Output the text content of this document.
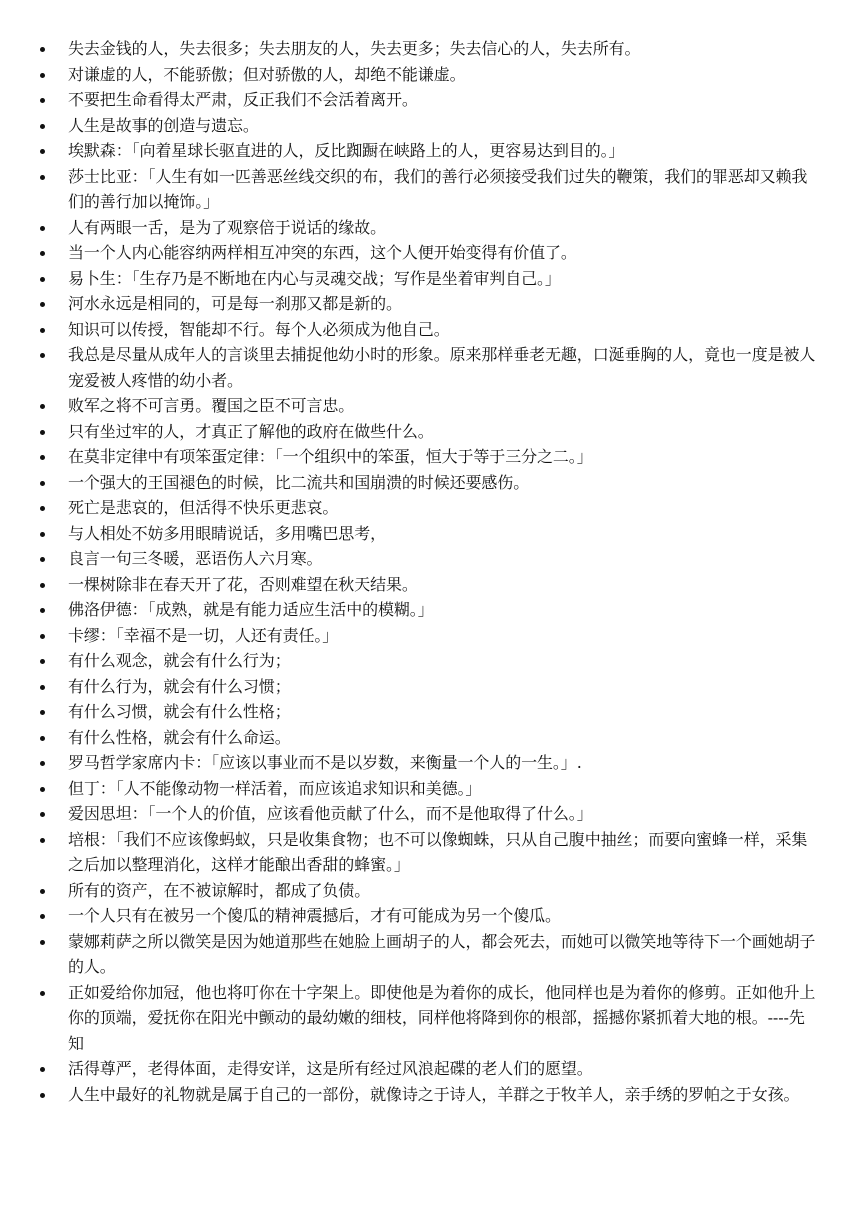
失去金钱的人，失去很多；失去朋友的人，失去更多；失去信心的人，失去所有。
对谦虚的人，不能骄傲；但对骄傲的人，却绝不能谦虚。
不要把生命看得太严肃，反正我们不会活着离开。
人生是故事的创造与遗忘。
埃默森：「向着星球长驱直进的人，反比踟蹰在峡路上的人，更容易达到目的。」
莎士比亚：「人生有如一匹善恶丝线交织的布，我们的善行必须接受我们过失的鞭策，我们的罪恶却又赖我们的善行加以掩饰。」
人有两眼一舌，是为了观察倍于说话的缘故。
当一个人内心能容纳两样相互冲突的东西，这个人便开始变得有价值了。
易卜生：「生存乃是不断地在内心与灵魂交战；写作是坐着审判自己。」
河水永远是相同的，可是每一刹那又都是新的。
知识可以传授，智能却不行。每个人必须成为他自己。
我总是尽量从成年人的言谈里去捕捉他幼小时的形象。原来那样垂老无趣，口涎垂胸的人，竟也一度是被人宠爱被人疼惜的幼小者。
败军之将不可言勇。覆国之臣不可言忠。
只有坐过牢的人，才真正了解他的政府在做些什么。
在莫非定律中有项笨蛋定律：「一个组织中的笨蛋，恒大于等于三分之二。」
一个强大的王国褪色的时候，比二流共和国崩溃的时候还要感伤。
死亡是悲哀的，但活得不快乐更悲哀。
与人相处不妨多用眼睛说话，多用嘴巴思考，
良言一句三冬暖，恶语伤人六月寒。
一棵树除非在春天开了花，否则难望在秋天结果。
佛洛伊德：「成熟，就是有能力适应生活中的模糊。」
卡缪：「幸福不是一切，人还有责任。」
有什么观念，就会有什么行为；
有什么行为，就会有什么习惯；
有什么习惯，就会有什么性格；
有什么性格，就会有什么命运。
罗马哲学家席内卡：「应该以事业而不是以岁数，来衡量一个人的一生。」.
但丁：「人不能像动物一样活着，而应该追求知识和美德。」
爱因思坦：「一个人的价值，应该看他贡献了什么，而不是他取得了什么。」
培根：「我们不应该像蚂蚁，只是收集食物；也不可以像蜘蛛，只从自己腹中抽丝；而要向蜜蜂一样，采集之后加以整理消化，这样才能酿出香甜的蜂蜜。」
所有的资产，在不被谅解时，都成了负债。
一个人只有在被另一个傻瓜的精神震撼后，才有可能成为另一个傻瓜。
蒙娜莉萨之所以微笑是因为她道那些在她脸上画胡子的人，都会死去，而她可以微笑地等待下一个画她胡子的人。
正如爱给你加冠，他也将叮你在十字架上。即使他是为着你的成长，他同样也是为着你的修剪。正如他升上你的顶端，爱抚你在阳光中颤动的最幼嫩的细枝，同样他将降到你的根部，摇撼你紧抓着大地的根。----先知
活得尊严，老得体面，走得安详，这是所有经过风浪起碟的老人们的愿望。
人生中最好的礼物就是属于自己的一部份，就像诗之于诗人，羊群之于牧羊人，亲手绣的罗帕之于女孩。
